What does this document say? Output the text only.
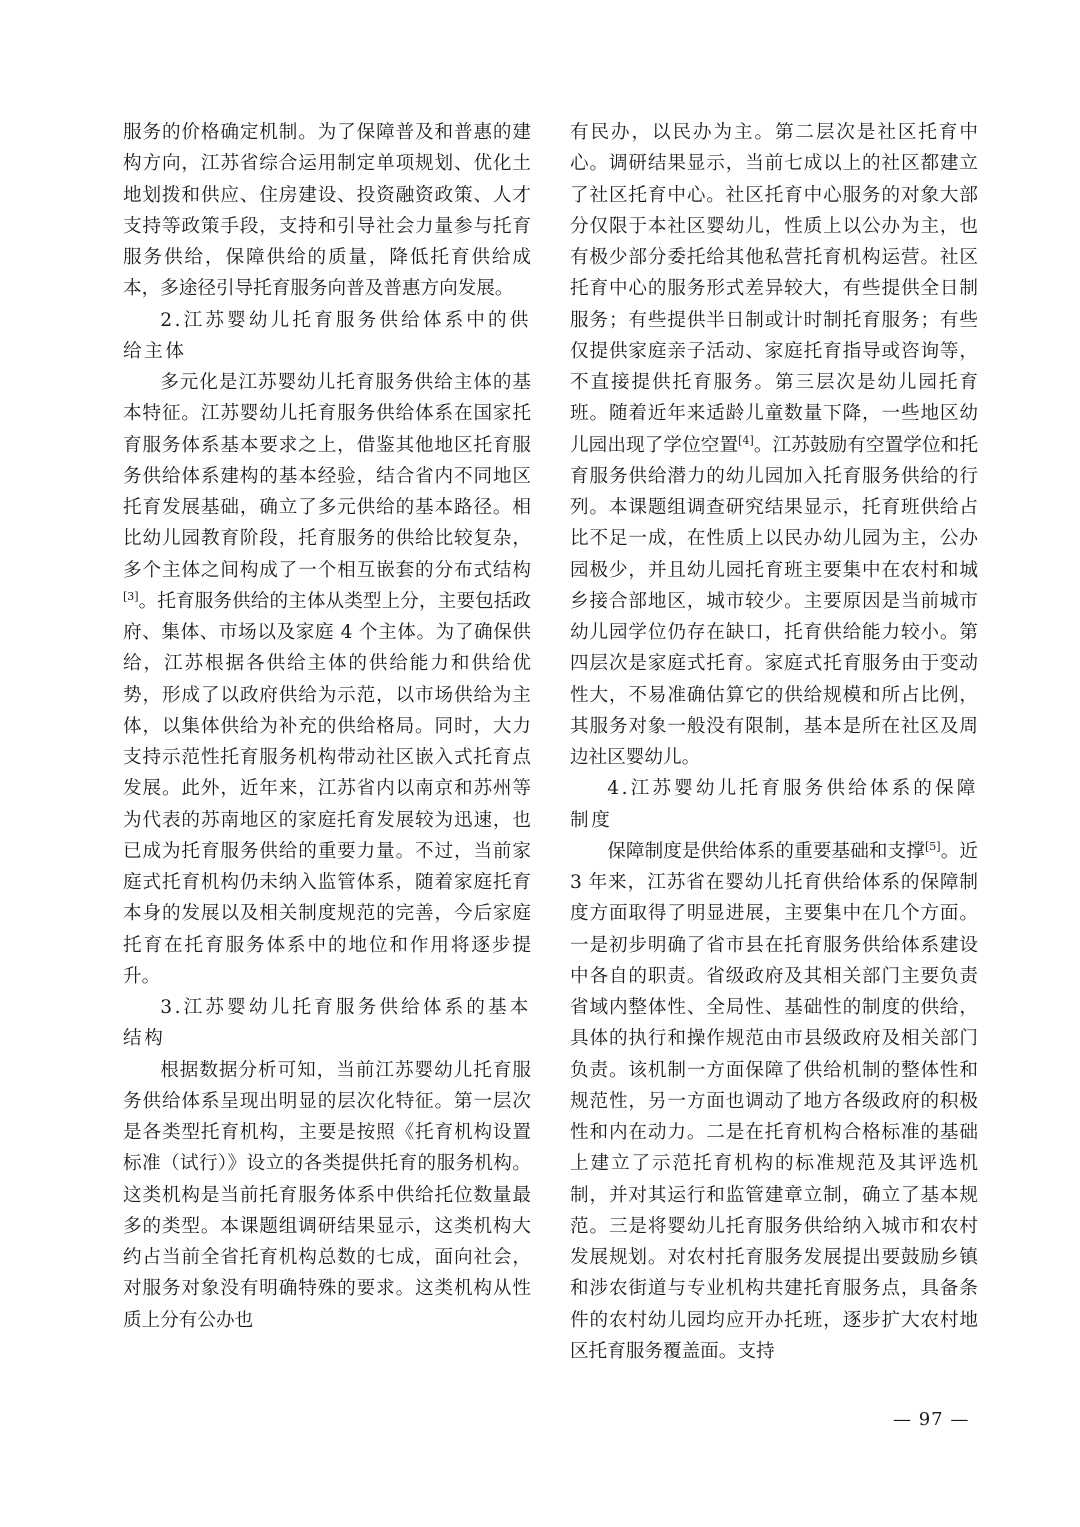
服务的价格确定机制。为了保障普及和普惠的建构方向，江苏省综合运用制定单项规划、优化土地划拨和供应、住房建设、投资融资政策、人才支持等政策手段，支持和引导社会力量参与托育服务供给，保障供给的质量，降低托育供给成本，多途径引导托育服务向普及普惠方向发展。

2.江苏婴幼儿托育服务供给体系中的供给主体

多元化是江苏婴幼儿托育服务供给主体的基本特征。江苏婴幼儿托育服务供给体系在国家托育服务体系基本要求之上，借鉴其他地区托育服务供给体系建构的基本经验，结合省内不同地区托育发展基础，确立了多元供给的基本路径。相比幼儿园教育阶段，托育服务的供给比较复杂，多个主体之间构成了一个相互嵌套的分布式结构[3]。托育服务供给的主体从类型上分，主要包括政府、集体、市场以及家庭 4 个主体。为了确保供给，江苏根据各供给主体的供给能力和供给优势，形成了以政府供给为示范，以市场供给为主体，以集体供给为补充的供给格局。同时，大力支持示范性托育服务机构带动社区嵌入式托育点发展。此外，近年来，江苏省内以南京和苏州等为代表的苏南地区的家庭托育发展较为迅速，也已成为托育服务供给的重要力量。不过，当前家庭式托育机构仍未纳入监管体系，随着家庭托育本身的发展以及相关制度规范的完善，今后家庭托育在托育服务体系中的地位和作用将逐步提升。

3.江苏婴幼儿托育服务供给体系的基本结构

根据数据分析可知，当前江苏婴幼儿托育服务供给体系呈现出明显的层次化特征。第一层次是各类型托育机构，主要是按照《托育机构设置标准（试行）》设立的各类提供托育的服务机构。这类机构是当前托育服务体系中供给托位数量最多的类型。本课题组调研结果显示，这类机构大约占当前全省托育机构总数的七成，面向社会，对服务对象没有明确特殊的要求。这类机构从性质上分有公办也

有民办，以民办为主。第二层次是社区托育中心。调研结果显示，当前七成以上的社区都建立了社区托育中心。社区托育中心服务的对象大部分仅限于本社区婴幼儿，性质上以公办为主，也有极少部分委托给其他私营托育机构运营。社区托育中心的服务形式差异较大，有些提供全日制服务；有些提供半日制或计时制托育服务；有些仅提供家庭亲子活动、家庭托育指导或咨询等，不直接提供托育服务。第三层次是幼儿园托育班。随着近年来适龄儿童数量下降，一些地区幼儿园出现了学位空置[4]。江苏鼓励有空置学位和托育服务供给潜力的幼儿园加入托育服务供给的行列。本课题组调查研究结果显示，托育班供给占比不足一成，在性质上以民办幼儿园为主，公办园极少，并且幼儿园托育班主要集中在农村和城乡接合部地区，城市较少。主要原因是当前城市幼儿园学位仍存在缺口，托育供给能力较小。第四层次是家庭式托育。家庭式托育服务由于变动性大，不易准确估算它的供给规模和所占比例，其服务对象一般没有限制，基本是所在社区及周边社区婴幼儿。

4.江苏婴幼儿托育服务供给体系的保障制度

保障制度是供给体系的重要基础和支撑[5]。近 3 年来，江苏省在婴幼儿托育供给体系的保障制度方面取得了明显进展，主要集中在几个方面。一是初步明确了省市县在托育服务供给体系建设中各自的职责。省级政府及其相关部门主要负责省域内整体性、全局性、基础性的制度的供给，具体的执行和操作规范由市县级政府及相关部门负责。该机制一方面保障了供给机制的整体性和规范性，另一方面也调动了地方各级政府的积极性和内在动力。二是在托育机构合格标准的基础上建立了示范托育机构的标准规范及其评选机制，并对其运行和监管建章立制，确立了基本规范。三是将婴幼儿托育服务供给纳入城市和农村发展规划。对农村托育服务发展提出要鼓励乡镇和涉农街道与专业机构共建托育服务点，具备条件的农村幼儿园均应开办托班，逐步扩大农村地区托育服务覆盖面。支持

— 97 —
